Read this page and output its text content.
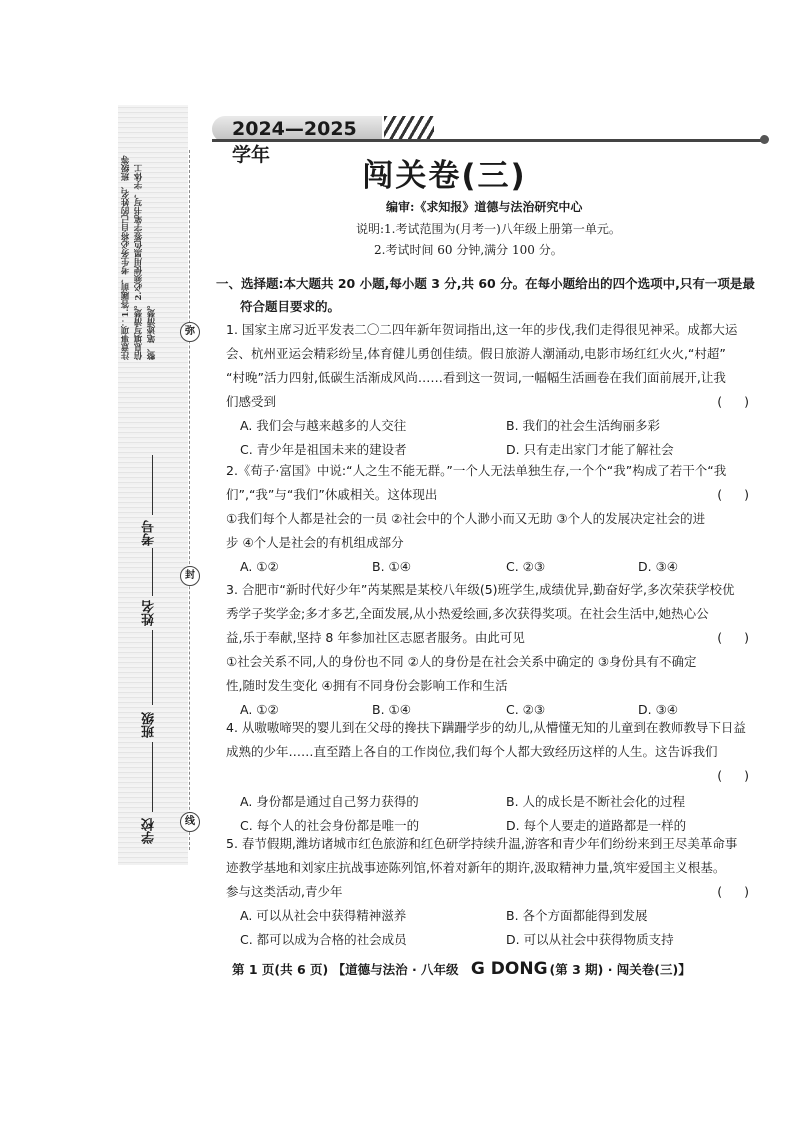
注意事项：1.答题前，考生务必将自己的姓名、班级等信息填写清楚。2.必须使用黑色签字笔书写，字体工整、笔迹清楚。	弥
封
线
考号
姓名
班级
学校
2024—2025 学年
闯关卷(三)
编审:《求知报》道德与法治研究中心
说明:1.考试范围为(月考一)八年级上册第一单元。
2.考试时间 60 分钟,满分 100 分。
一、选择题:本大题共 20 小题,每小题 3 分,共 60 分。在每小题给出的四个选项中,只有一项是最
符合题目要求的。
1. 国家主席习近平发表二〇二四年新年贺词指出,这一年的步伐,我们走得很见神采。成都大运
会、杭州亚运会精彩纷呈,体育健儿勇创佳绩。假日旅游人潮涌动,电影市场红红火火,“村超”
“村晚”活力四射,低碳生活渐成风尚……看到这一贺词,一幅幅生活画卷在我们面前展开,让我
们感受到	()
A. 我们会与越来越多的人交往	B. 我们的社会生活绚丽多彩
C. 青少年是祖国未来的建设者	D. 只有走出家门才能了解社会
2.《荀子·富国》中说:“人之生不能无群。”一个人无法单独生存,一个个“我”构成了若干个“我
们”,“我”与“我们”休戚相关。这体现出	()
①我们每个人都是社会的一员 ②社会中的个人渺小而又无助 ③个人的发展决定社会的进
步 ④个人是社会的有机组成部分
A. ①②	B. ①④	C. ②③	D. ③④
3. 合肥市“新时代好少年”芮某熙是某校八年级(5)班学生,成绩优异,勤奋好学,多次荣获学校优
秀学子奖学金;多才多艺,全面发展,从小热爱绘画,多次获得奖项。在社会生活中,她热心公
益,乐于奉献,坚持 8 年参加社区志愿者服务。由此可见	()
①社会关系不同,人的身份也不同 ②人的身份是在社会关系中确定的 ③身份具有不确定
性,随时发生变化 ④拥有不同身份会影响工作和生活
A. ①②	B. ①④	C. ②③	D. ③④
4. 从嗷嗷啼哭的婴儿到在父母的搀扶下蹒跚学步的幼儿,从懵懂无知的儿童到在教师教导下日益
成熟的少年……直至踏上各自的工作岗位,我们每个人都大致经历这样的人生。这告诉我们
()
A. 身份都是通过自己努力获得的	B. 人的成长是不断社会化的过程
C. 每个人的社会身份都是唯一的	D. 每个人要走的道路都是一样的
5. 春节假期,潍坊诸城市红色旅游和红色研学持续升温,游客和青少年们纷纷来到王尽美革命事
迹教学基地和刘家庄抗战事迹陈列馆,怀着对新年的期许,汲取精神力量,筑牢爱国主义根基。
参与这类活动,青少年	()
A. 可以从社会中获得精神滋养	B. 各个方面都能得到发展
C. 都可以成为合格的社会成员	D. 可以从社会中获得物质支持
第 1 页(共 6 页) 【道德与法治 · 八年级 G DONG (第 3 期) · 闯关卷(三)】
